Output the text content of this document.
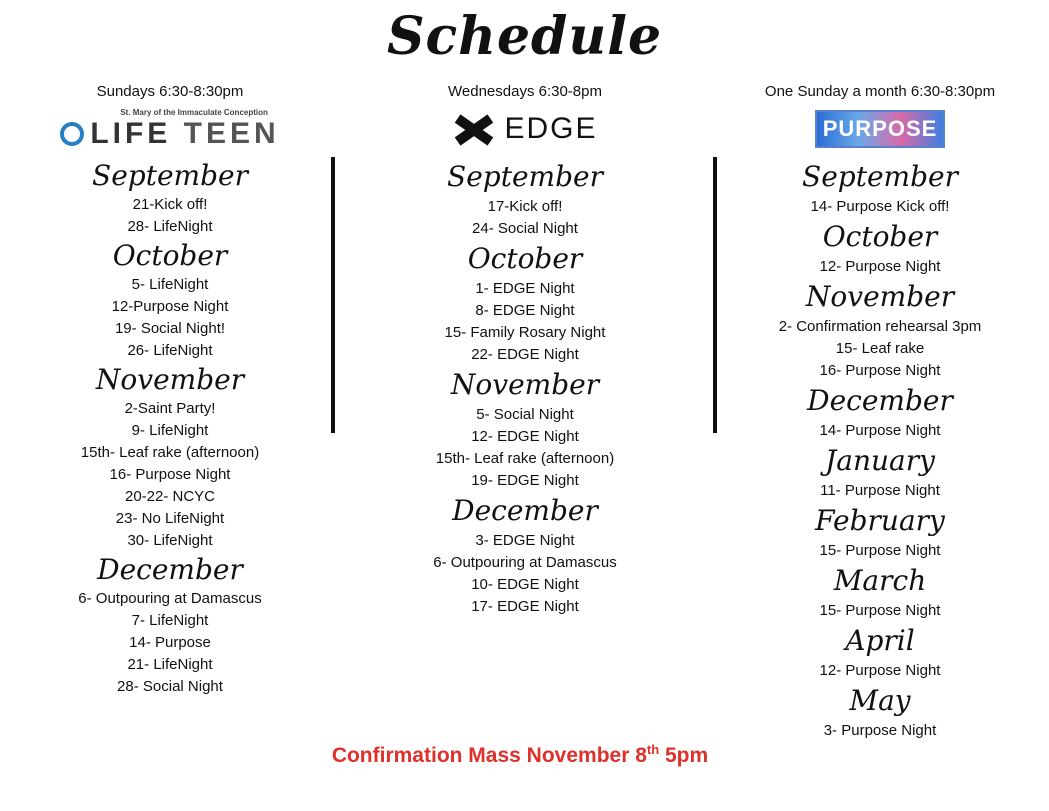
Schedule
Sundays 6:30-8:30pm
St. Mary of the Immaculate Conception
LIFE TEEN
September
21-Kick off!
28- LifeNight
October
5- LifeNight
12-Purpose Night
19- Social Night!
26- LifeNight
November
2-Saint Party!
9- LifeNight
15th- Leaf rake (afternoon)
16- Purpose Night
20-22- NCYC
23- No LifeNight
30- LifeNight
December
6- Outpouring at Damascus
7- LifeNight
14- Purpose
21- LifeNight
28- Social Night
Wednesdays 6:30-8pm
EDGE
September
17-Kick off!
24- Social Night
October
1- EDGE Night
8- EDGE Night
15- Family Rosary Night
22- EDGE Night
November
5- Social Night
12- EDGE Night
15th- Leaf rake (afternoon)
19- EDGE Night
December
3- EDGE Night
6- Outpouring at Damascus
10- EDGE Night
17- EDGE Night
One Sunday a month 6:30-8:30pm
PURPOSE
September
14- Purpose Kick off!
October
12- Purpose Night
November
2- Confirmation rehearsal 3pm
15- Leaf rake
16- Purpose Night
December
14- Purpose Night
January
11- Purpose Night
February
15- Purpose Night
March
15- Purpose Night
April
12- Purpose Night
May
3- Purpose Night
Confirmation Mass November 8th 5pm
